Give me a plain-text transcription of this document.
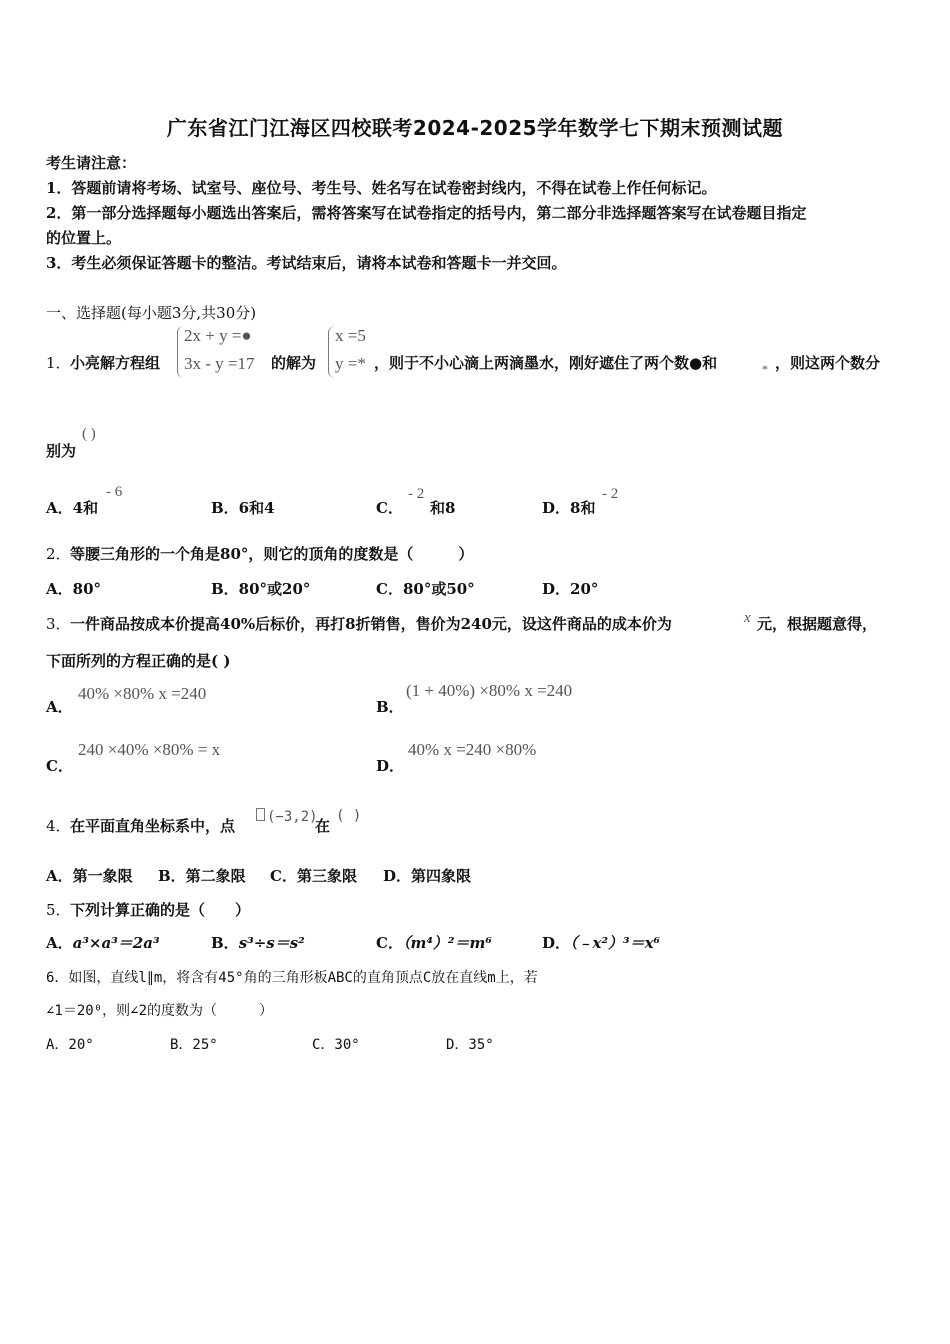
广东省江门江海区四校联考2024-2025学年数学七下期末预测试题
考生请注意：
1．答题前请将考场、试室号、座位号、考生号、姓名写在试卷密封线内，不得在试卷上作任何标记。
2．第一部分选择题每小题选出答案后，需将答案写在试卷指定的括号内，第二部分非选择题答案写在试卷题目指定
的位置上。
3．考生必须保证答题卡的整洁。考试结束后，请将本试卷和答题卡一并交回。
一、选择题(每小题3分,共30分)
1． 小亮解方程组
2x + y =●
3x - y =17 的解为
x =5
y =* ，则于不小心滴上两滴墨水，刚好遮住了两个数●和	* ，则这两个数分
别为
( )
A．4和
- 6
B．6和4	C．
- 2
和8	D．8和
- 2
2． 等腰三角形的一个角是80°，则它的顶角的度数是（　　　）
A．80°	B．80°或20°	C．80°或50°	D．20°
3． 一件商品按成本价提高40%后标价，再打8折销售，售价为240元，设这件商品的成本价为	x 元，根据题意得，
下面所列的方程正确的是( )
A．
40% ×80% x =240
B．
(1 + 40%) ×80% x =240
C．
240 ×40% ×80% = x
D．
40% x =240 ×80%
4． 在平面直角坐标系中，点	(−3,2)
在
( )
A．第一象限 B．第二象限 C．第三象限 D．第四象限
5． 下列计算正确的是（　　）
A．a³×a³＝2a³	B．s³÷s＝s²	C．（m⁴）²＝m⁶	D．（﹣x²）³＝x⁶
6．如图，直线l∥m，将含有45°角的三角形板ABC的直角顶点C放在直线m上，若
∠1＝20⁰，则∠2的度数为（　　　）
A．20°	B．25°	C．30°	D．35°
